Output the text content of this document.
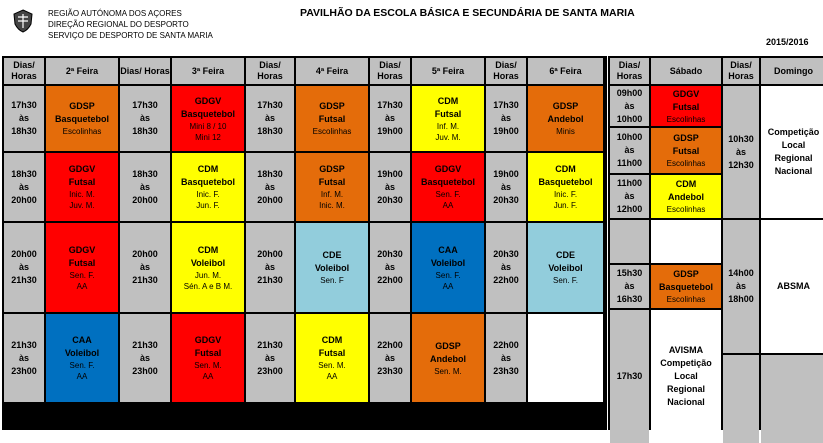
REGIÃO AUTÓNOMA DOS AÇORES
DIREÇÃO REGIONAL DO DESPORTO
SERVIÇO DE DESPORTO DE SANTA MARIA
PAVILHÃO DA ESCOLA BÁSICA E SECUNDÁRIA DE SANTA MARIA
2015/2016
Dias/ Horas
2ª Feira	Dias/ Horas	3ª Feira
Dias/ Horas
4ª Feira
Dias/ Horas
5ª Feira
Dias/ Horas
6ª Feira
17h30
às
18h30
GDSP
Basquetebol
Escolinhas
17h30
às
18h30
GDGV
Basquetebol
Mini 8 / 10
Mini 12
17h30
às
18h30
GDSP
Futsal
Escolinhas
17h30
às
19h00
CDM
Futsal
Inf. M.
Juv. M.
17h30
às
19h00
GDSP
Andebol
Minis
18h30
às
20h00
GDGV
Futsal
Inic. M.
Juv. M.
18h30
às
20h00
CDM
Basquetebol
Inic. F.
Jun. F.
18h30
às
20h00
GDSP
Futsal
Inf. M.
Inic. M.
19h00
às
20h30
GDGV
Basquetebol
Sen. F.
AA
19h00
às
20h30
CDM
Basquetebol
Inic. F.
Jun. F.
20h00
às
21h30
GDGV
Futsal
Sen. F.
AA
20h00
às
21h30
CDM
Voleibol
Jun. M.
Sén. A e B M.
20h00
às
21h30
CDE
Voleibol
Sen. F
20h30
às
22h00
CAA
Voleibol
Sen. F.
AA
20h30
às
22h00
CDE
Voleibol
Sen. F.
21h30
às
23h00
CAA
Voleibol
Sen. F.
AA
21h30
às
23h00
GDGV
Futsal
Sen. M.
AA
21h30
às
23h00
CDM
Futsal
Sen. M.
AA
22h00
às
23h30
GDSP
Andebol
Sen. M.
22h00
às
23h30
Dias/ Horas
Sábado
Dias/ Horas
Domingo
09h00
às
10h00
GDGV
Futsal
Escolinhas
10h00
às
11h00
GDSP
Futsal
Escolinhas
11h00
às
12h00
CDM
Andebol
Escolinhas
15h30
às
16h30
GDSP
Basquetebol
Escolinhas
17h30
AVISMA
Competição
Local
Regional
Nacional
10h30
às
12h30
Competição
Local
Regional
Nacional
14h00
às
18h00
ABSMA
